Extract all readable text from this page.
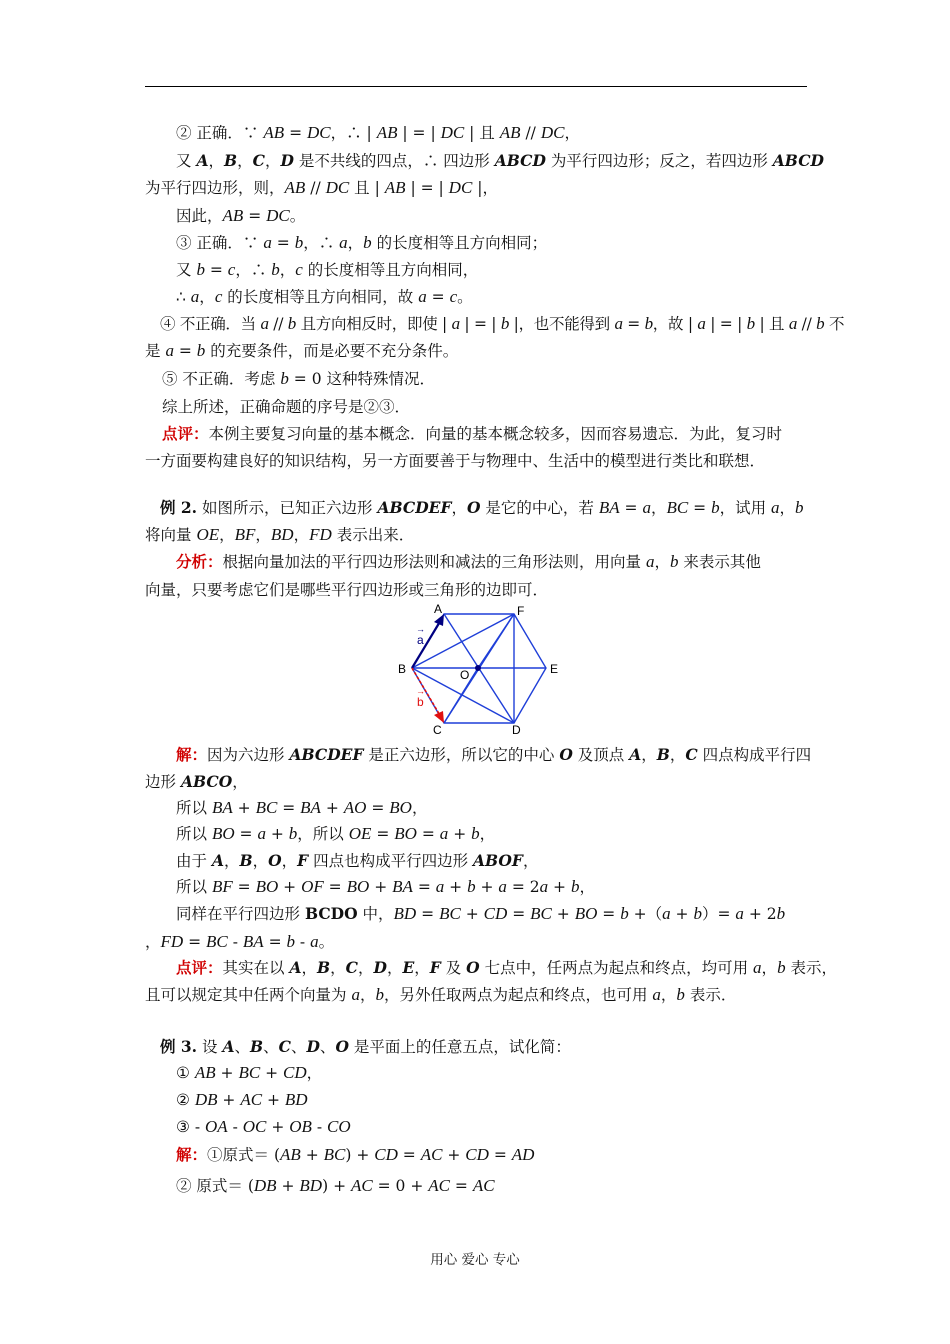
② 正确．∵ AB = DC，∴ | AB | = | DC | 且 AB // DC，
又 A，B，C，D 是不共线的四点，∴ 四边形 ABCD 为平行四边形；反之，若四边形 ABCD
为平行四边形，则，AB // DC 且 | AB | = | DC |，
因此，AB = DC。
③ 正确．∵ a = b，∴ a，b 的长度相等且方向相同；
又 b = c，∴ b，c 的长度相等且方向相同，
∴ a，c 的长度相等且方向相同，故 a = c。
④ 不正确．当 a // b 且方向相反时，即使 | a | = | b |，也不能得到 a = b，故 | a | = | b | 且 a // b 不
是 a = b 的充要条件，而是必要不充分条件。
⑤ 不正确．考虑 b = 0 这种特殊情况．
综上所述，正确命题的序号是②③．
点评：本例主要复习向量的基本概念．向量的基本概念较多，因而容易遗忘．为此，复习时
一方面要构建良好的知识结构，另一方面要善于与物理中、生活中的模型进行类比和联想．
例 2. 如图所示，已知正六边形 ABCDEF，O 是它的中心，若 BA = a，BC = b，试用 a，b
将向量 OE，BF，BD，FD 表示出来．
分析：根据向量加法的平行四边形法则和减法的三角形法则，用向量 a，b 来表示其他
向量，只要考虑它们是哪些平行四边形或三角形的边即可．
A	F
B	E
O
C	D
→
a
→
b
解：因为六边形 ABCDEF 是正六边形，所以它的中心 O 及顶点 A，B，C 四点构成平行四
边形 ABCO，
所以 BA + BC = BA + AO = BO，
所以 BO = a + b，所以 OE = BO = a + b，
由于 A，B，O，F 四点也构成平行四边形 ABOF，
所以 BF = BO + OF = BO + BA = a + b + a = 2a + b，
同样在平行四边形 BCDO 中，BD = BC + CD = BC + BO = b +（a + b）= a + 2b
，FD = BC - BA = b - a。
点评：其实在以 A，B，C，D，E，F 及 O 七点中，任两点为起点和终点，均可用 a，b 表示，
且可以规定其中任两个向量为 a，b，另外任取两点为起点和终点，也可用 a，b 表示．
例 3. 设 A、B、C、D、O 是平面上的任意五点，试化简：
① AB + BC + CD，
② DB + AC + BD
③ - OA - OC + OB - CO
解：①原式＝ (AB + BC) + CD = AC + CD = AD
② 原式＝ (DB + BD) + AC = 0 + AC = AC
用心 爱心 专心
